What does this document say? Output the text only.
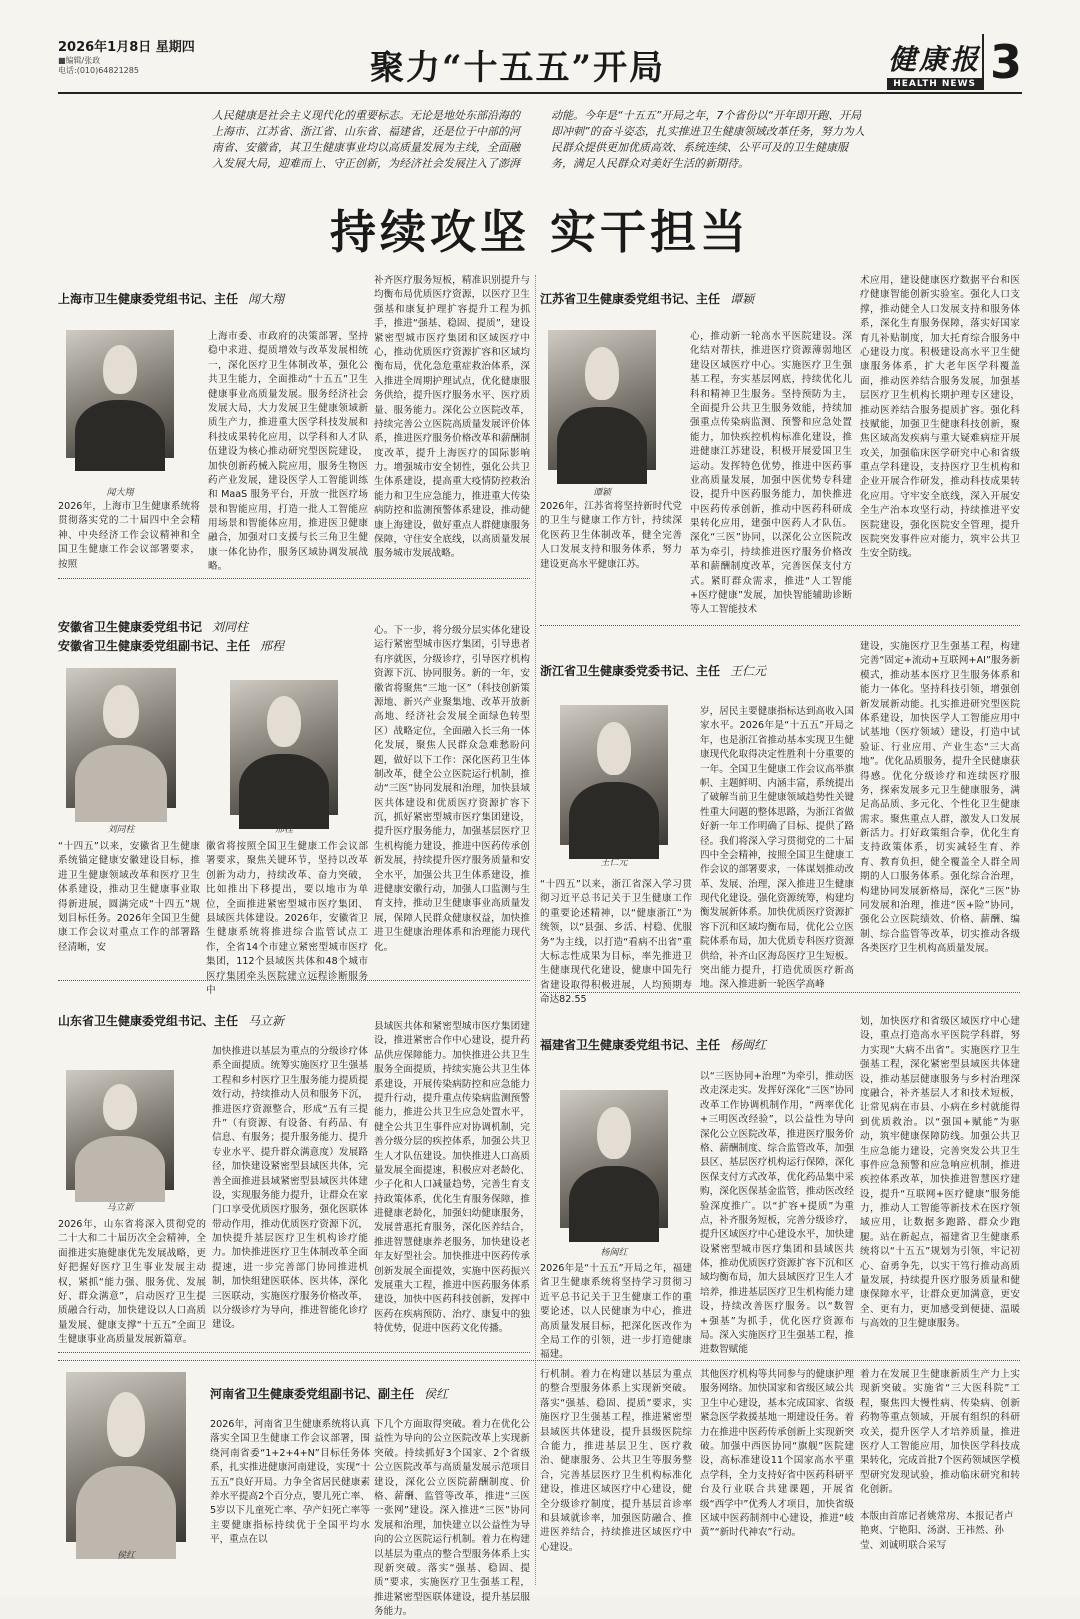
2026年1月8日 星期四
■编辑/张政
电话:(010)64821285	聚力“十五五”开局	健康报
HEALTH NEWS 3
人民健康是社会主义现代化的重要标志。无论是地处东部沿海的上海市、江苏省、浙江省、山东省、福建省，还是位于中部的河南省、安徽省，其卫生健康事业均以高质量发展为主线，全面融入发展大局，迎难而上、守正创新，为经济社会发展注入了澎湃动能。今年是“十五五”开局之年，7个省份以“开年即开跑、开局即冲刺”的奋斗姿态，扎实推进卫生健康领域改革任务，努力为人民群众提供更加优质高效、系统连续、公平可及的卫生健康服务，满足人民群众对美好生活的新期待。
持续攻坚 实干担当
上海市卫生健康委党组书记、主任 闻大翔
闻大翔
2026年，上海市卫生健康系统将贯彻落实党的二十届四中全会精神、中央经济工作会议精神和全国卫生健康工作会议部署要求，按照
上海市委、市政府的决策部署，坚持稳中求进、提质增效与改革发展相统一，深化医疗卫生体制改革，强化公共卫生能力，全面推动“十五五”卫生健康事业高质量发展。服务经济社会发展大局，大力发展卫生健康领域新质生产力，推进重大医学科技发展和科技成果转化应用，以学科和人才队伍建设为核心推动研究型医院建设，加快创新药械入院应用，服务生物医药产业发展，建设医学人工智能训练和 MaaS 服务平台，开放一批医疗场景和智能应用，打造一批人工智能应用场景和智能体应用，推进医卫健康融合，加强对口支援与长三角卫生健康一体化协作，服务区域协调发展战略。
补齐医疗服务短板，精准识别提升与均衡布局优质医疗资源，以医疗卫生强基和康复护理扩容提升工程为抓手，推进“强基、稳固、提质”，建设紧密型城市医疗集团和区域医疗中心，推动优质医疗资源扩容和区域均衡布局，优化急危重症救治体系，深入推进全周期护理试点，优化健康服务供给，提升医疗服务水平、医疗质量、服务能力。深化公立医院改革，持续完善公立医院高质量发展评价体系，推进医疗服务价格改革和薪酬制度改革，提升上海医疗的国际影响力。增强城市安全韧性，强化公共卫生体系建设，提高重大疫情防控救治能力和卫生应急能力，推进重大传染病防控和监测预警体系建设，推动健康上海建设，做好重点人群健康服务保障，守住安全底线，以高质量发展服务城市发展战略。
江苏省卫生健康委党组书记、主任 谭颖
谭颖
2026年，江苏省将坚持新时代党的卫生与健康工作方针，持续深化医药卫生体制改革，健全完善人口发展支持和服务体系，努力建设更高水平健康江苏。
心，推动新一轮高水平医院建设。深化结对帮扶，推进医疗资源薄弱地区建设区域医疗中心。实施医疗卫生强基工程，夯实基层网底，持续优化儿科和精神卫生服务。坚持预防为主，全面提升公共卫生服务效能，持续加强重点传染病监测、预警和应急处置能力，加快疾控机构标准化建设，推进健康江苏建设，积极开展爱国卫生运动。发挥特色优势，推进中医药事业高质量发展，加强中医优势专科建设，提升中医药服务能力，加快推进中医药传承创新，推动中医药科研成果转化应用，建强中医药人才队伍。深化“三医”协同，以深化公立医院改革为牵引，持续推进医疗服务价格改革和薪酬制度改革，完善医保支付方式。紧盯群众需求，推进“人工智能+医疗健康”发展，加快智能辅助诊断等人工智能技术
术应用，建设健康医疗数据平台和医疗健康智能创新实验室。强化人口支撑，推动健全人口发展支持和服务体系，深化生育服务保障，落实好国家育儿补贴制度，加大托育综合服务中心建设力度。积极建设高水平卫生健康服务体系，扩大老年医学科覆盖面，推动医养结合服务发展，加强基层医疗卫生机构长期护理专区建设，推动医养结合服务提质扩容。强化科技赋能，加强卫生健康科技创新，聚焦区域高发疾病与重大疑难病症开展攻关，加强临床医学研究中心和省级重点学科建设，支持医疗卫生机构和企业开展合作研发，推动科技成果转化应用。守牢安全底线，深入开展安全生产治本攻坚行动，持续推进平安医院建设，强化医院安全管理，提升医院突发事件应对能力，筑牢公共卫生安全防线。
安徽省卫生健康委党组书记 刘同柱
安徽省卫生健康委党组副书记、主任 邢程
刘同柱	邢程
“十四五”以来，安徽省卫生健康系统锚定健康安徽建设目标，推进卫生健康领域改革和医疗卫生体系建设，推动卫生健康事业取得新进展，圆满完成“十四五”规划目标任务。2026年全国卫生健康工作会议对重点工作的部署路径清晰，安
徽省将按照全国卫生健康工作会议部署要求，聚焦关键环节，坚持以改革创新为动力，持续改革、奋力突破，比如推出下移提出，要以地市为单位，全面推进紧密型城市医疗集团、县域医共体建设。2026年，安徽省卫生健康系统将推进综合监管试点工作，全省14个市建立紧密型城市医疗集团，112个县域医共体和48个城市医疗集团牵头医院建立远程诊断服务中
心。下一步，将分级分层实体化建设运行紧密型城市医疗集团，引导患者有序就医，分级诊疗，引导医疗机构资源下沉、协同服务。新的一年，安徽省将聚焦“三地一区”（科技创新策源地、新兴产业聚集地、改革开放新高地、经济社会发展全面绿色转型区）战略定位，全面融入长三角一体化发展，聚焦人民群众急难愁盼问题，做好以下工作：深化医药卫生体制改革，健全公立医院运行机制，推动“三医”协同发展和治理，加快县域医共体建设和优质医疗资源扩容下沉，抓好紧密型城市医疗集团建设，提升医疗服务能力，加强基层医疗卫生机构能力建设，推进中医药传承创新发展，持续提升医疗服务质量和安全水平，加强公共卫生体系建设，推进健康安徽行动，加强人口监测与生育支持，推动卫生健康事业高质量发展，保障人民群众健康权益，加快推进卫生健康治理体系和治理能力现代化。
浙江省卫生健康委党委书记、主任 王仁元
王仁元
“十四五”以来，浙江省深入学习贯彻习近平总书记关于卫生健康工作的重要论述精神，以“健康浙江”为统领，以“县强、乡活、村稳、优服务”为主线，以打造“看病不出省”重大标志性成果为目标，率先推进卫生健康现代化建设，健康中国先行省建设取得积极进展，人均预期寿命达82.55
岁，居民主要健康指标达到高收入国家水平。2026年是“十五五”开局之年，也是浙江省推动基本实现卫生健康现代化取得决定性胜利十分重要的一年。全国卫生健康工作会议高举旗帜、主题鲜明、内涵丰富，系统提出了破解当前卫生健康领域趋势性关键性重大问题的整体思路，为浙江省做好新一年工作明确了目标、提供了路径。我们将深入学习贯彻党的二十届四中全会精神，按照全国卫生健康工作会议的部署要求，一体谋划推动改革、发展、治理，深入推进卫生健康现代化建设。强化资源统筹，构建均衡发展新体系。加快优质医疗资源扩容下沉和区域均衡布局，优化公立医院体系布局，加大优质专科医疗资源供给，补齐山区海岛医疗卫生短板。突出能力提升，打造优质医疗新高地。深入推进新一轮医学高峰
建设，实施医疗卫生强基工程，构建完善“固定+流动+互联网+AI”服务新模式，推动基本医疗卫生服务体系和能力一体化。坚持科技引领，增强创新发展新动能。扎实推进研究型医院体系建设，加快医学人工智能应用中试基地（医疗领域）建设，打造中试验证、行业应用、产业生态“三大高地”。优化品质服务，提升全民健康获得感。优化分级诊疗和连续医疗服务，探索发展多元卫生健康服务，满足高品质、多元化、个性化卫生健康需求。聚焦重点人群，激发人口发展新活力。打好政策组合拳，优化生育支持政策体系，切实减轻生育、养育、教育负担，健全覆盖全人群全周期的人口服务体系。强化综合治理，构建协同发展新格局，深化“三医”协同发展和治理，推进“医+险”协同，强化公立医院绩效、价格、薪酬、编制、综合监管等改革，切实推动各级各类医疗卫生机构高质量发展。
山东省卫生健康委党组书记、主任 马立新
马立新
2026年，山东省将深入贯彻党的二十大和二十届历次全会精神，全面推进实施健康优先发展战略，更好把握好医疗卫生事业发展主动权，紧抓“能力强、服务优、发展好、群众满意”，启动医疗卫生提质融合行动，加快建设以人口高质量发展、健康支撑“十五五”全面卫生健康事业高质量发展新篇章。
加快推进以基层为重点的分级诊疗体系全面提质。统筹实施医疗卫生强基工程和乡村医疗卫生服务能力提质提效行动，持续推动人员和服务下沉，推进医疗资源整合，形成“五有三提升”（有资源、有设备、有药品、有信息、有服务；提升服务能力、提升专业水平、提升群众满意度）发展路径，加快建设紧密型县域医共体，完善全面推进县域紧密型县域医共体建设，实现服务能力提升，让群众在家门口享受优质医疗服务，强化医联体带动作用，推动优质医疗资源下沉，加快提升基层医疗卫生机构诊疗能力。加快推进医疗卫生体制改革全面提速，进一步完善部门协同推进机制，加快组建医联体、医共体，深化三医联动，实施医疗服务价格改革，以分级诊疗为导向，推进智能化诊疗建设。
县域医共体和紧密型城市医疗集团建设，推进紧密合作中心建设，提升药品供应保障能力。加快推进公共卫生服务全面提质，持续实施公共卫生体系建设，开展传染病防控和应急能力提升行动，提升重点传染病监测预警能力，推进公共卫生应急处置水平，健全公共卫生事件应对协调机制，完善分级分层的疾控体系，加强公共卫生人才队伍建设。加快推进人口高质量发展全面提速，积极应对老龄化、少子化和人口减量趋势，完善生育支持政策体系，优化生育服务保障，推进健康老龄化，加强妇幼健康服务，发展普惠托育服务，深化医养结合，推进智慧健康养老服务，加快建设老年友好型社会。加快推进中医药传承创新发展全面提效，实施中医药振兴发展重大工程，推进中医药服务体系建设，加快中医药科技创新，发挥中医药在疾病预防、治疗、康复中的独特优势，促进中医药文化传播。
福建省卫生健康委党组书记、主任 杨闽红
杨闽红
2026年是“十五五”开局之年，福建省卫生健康系统将坚持学习贯彻习近平总书记关于卫生健康工作的重要论述，以人民健康为中心，推进高质量发展目标，把深化医改作为全局工作的引领，进一步打造健康福建。
以“三医协同+治理”为牵引，推动医改走深走实。发挥好深化“三医”协同改革工作协调机制作用，“两率优化+三明医改经验”，以公益性为导向深化公立医院改革，推进医疗服务价格、薪酬制度、综合监管改革，加强县区、基层医疗机构运行保障，深化医保支付方式改革，优化药品集中采购，深化医保基金监管，推动医改经验深度推广。以“扩容+提质”为重点，补齐服务短板，完善分级诊疗，提升区域医疗中心建设水平，加快建设紧密型城市医疗集团和县域医共体，推动优质医疗资源扩容下沉和区域均衡布局，加大县域医疗卫生人才培养，推进基层医疗卫生机构能力建设，持续改善医疗服务。以“数智+强基”为抓手，优化医疗资源布局。深入实施医疗卫生强基工程，推进数智赋能
划，加快医疗和省级区域医疗中心建设，重点打造高水平医院学科群，努力实现“大病不出省”。实施医疗卫生强基工程，深化紧密型县域医共体建设，推动基层健康服务与乡村治理深度融合，补齐基层人才和技术短板，让常见病在市县、小病在乡村就能得到优质救治。以“强国+赋能”为驱动，筑牢健康保障防线。加强公共卫生应急能力建设，完善突发公共卫生事件应急预警和应急响应机制，推进疾控体系改革，加快推进智慧医疗建设，提升“互联网+医疗健康”服务能力，推动人工智能等新技术在医疗领域应用，让数据多跑路、群众少跑腿。站在新起点，福建省卫生健康系统将以“十五五”规划为引领，牢记初心、奋勇争先，以实干笃行推动高质量发展，持续提升医疗服务质量和健康保障水平，让群众更加满意，更安全、更有力，更加感受到便捷、温暖与高效的卫生健康服务。
侯红
河南省卫生健康委党组副书记、副主任 侯红
2026年，河南省卫生健康系统将认真落实全国卫生健康工作会议部署，围绕河南省委“1+2+4+N”目标任务体系，扎实推进健康河南建设，实现“十五五”良好开局。力争全省居民健康素养水平提高2个百分点，婴儿死亡率、5岁以下儿童死亡率、孕产妇死亡率等主要健康指标持续优于全国平均水平，重点在以
下几个方面取得突破。着力在优化公益性为导向的公立医院改革上实现新突破。持续抓好3个国家、2个省级公立医院改革与高质量发展示范项目建设，深化公立医院薪酬制度、价格、薪酬、监管等改革，推进“三医一张网”建设。深入推进“三医”协同发展和治理，加快建立以公益性为导向的公立医院运行机制。着力在构建以基层为重点的整合型服务体系上实现新突破。落实“强基、稳固、提质”要求，实施医疗卫生强基工程，推进紧密型医联体建设，提升基层服务能力。
行机制。着力在构建以基层为重点的整合型服务体系上实现新突破。落实“强基、稳固、提质”要求，实施医疗卫生强基工程，推进紧密型县域医共体建设，提升县级医院综合能力，推进基层卫生、医疗救治、健康服务、公共卫生等服务整合，完善基层医疗卫生机构标准化建设，推进区域医疗中心建设，健全分级诊疗制度，提升基层首诊率和县域就诊率，加强医防融合、推进医养结合，持续推进区域医疗中心建设。
其他医疗机构等共同参与的健康护理服务网络。加快国家和省级区域公共卫生中心建设，基本完成国家、省级紧急医学救援基地一期建设任务。着力在推进中医药传承创新上实现新突破。加强中西医协同“旗舰”医院建设，高标准建设11个国家高水平重点学科，全力支持好省中医药科研平台及行业联合共建课题，开展省级“西学中”优秀人才项目，加快省级区域中医药制剂中心建设，推进“岐黄”“新时代神农”行动。
着力在发展卫生健康新质生产力上实现新突破。实施省“三大医科院”工程，聚焦四大慢性病、传染病、创新药物等重点领域，开展有组织的科研攻关，提升医学人才培养质量，推进医疗人工智能应用，加快医学科技成果转化，完成首批7个医药领域医学模型研究发现试验，推动临床研究和转化创新。
本版由首席记者姚常房、本报记者卢艳爽、宁艳阳、汤澍、王祎然、孙莹、刘诚明联合采写
